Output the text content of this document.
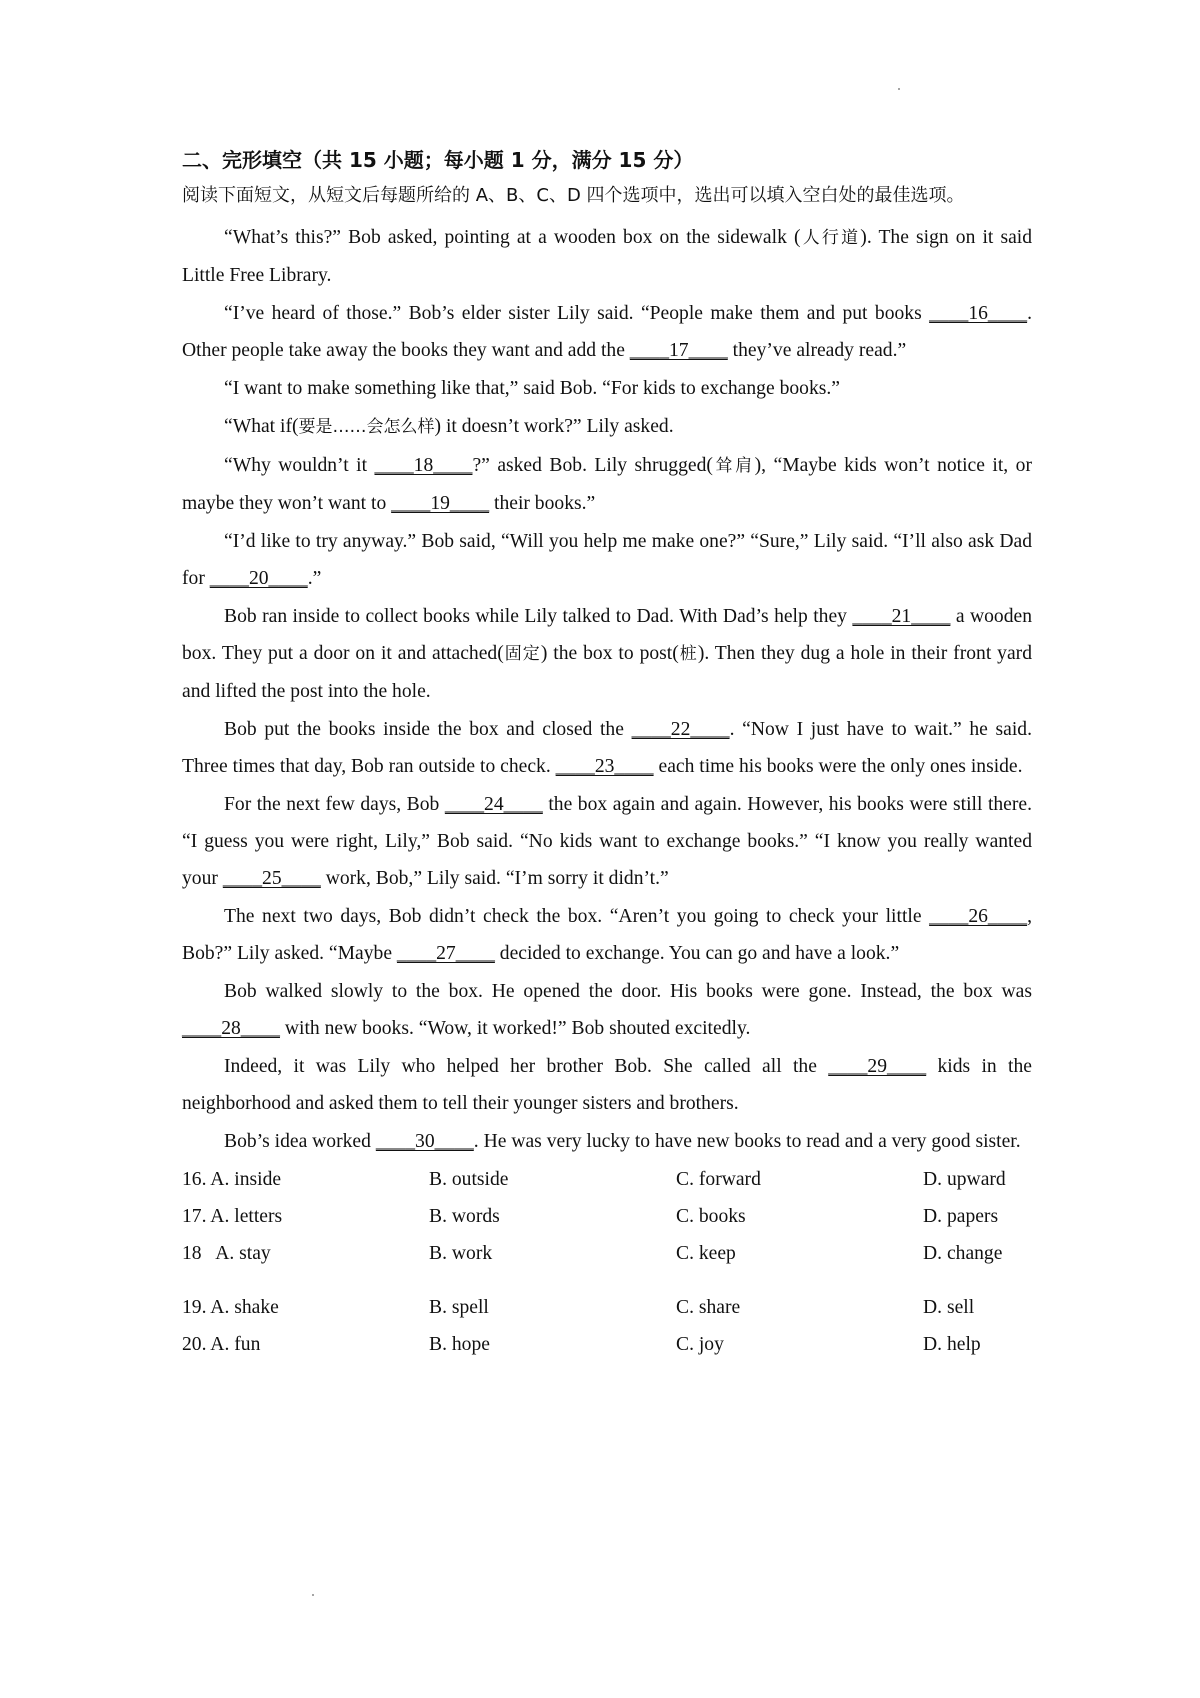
二、完形填空（共 15 小题；每小题 1 分，满分 15 分）
阅读下面短文，从短文后每题所给的 A、B、C、D 四个选项中，选出可以填入空白处的最佳选项。

“What’s this?” Bob asked, pointing at a wooden box on the sidewalk (人行道). The sign on it said Little Free Library.

“I’ve heard of those.” Bob’s elder sister Lily said. “People make them and put books ____16____. Other people take away the books they want and add the ____17____ they’ve already read.”

“I want to make something like that,” said Bob. “For kids to exchange books.”

“What if(要是……会怎么样) it doesn’t work?” Lily asked.

“Why wouldn’t it ____18____?” asked Bob. Lily shrugged(耸肩), “Maybe kids won’t notice it, or maybe they won’t want to ____19____ their books.”

“I’d like to try anyway.” Bob said, “Will you help me make one?” “Sure,” Lily said. “I’ll also ask Dad for ____20____.”

Bob ran inside to collect books while Lily talked to Dad. With Dad’s help they ____21____ a wooden box. They put a door on it and attached(固定) the box to post(桩). Then they dug a hole in their front yard and lifted the post into the hole.

Bob put the books inside the box and closed the ____22____. “Now I just have to wait.” he said. Three times that day, Bob ran outside to check. ____23____ each time his books were the only ones inside.

For the next few days, Bob ____24____ the box again and again. However, his books were still there. “I guess you were right, Lily,” Bob said. “No kids want to exchange books.” “I know you really wanted your ____25____ work, Bob,” Lily said. “I’m sorry it didn’t.”

The next two days, Bob didn’t check the box. “Aren’t you going to check your little ____26____, Bob?” Lily asked. “Maybe ____27____ decided to exchange. You can go and have a look.”

Bob walked slowly to the box. He opened the door. His books were gone. Instead, the box was ____28____ with new books. “Wow, it worked!” Bob shouted excitedly.

Indeed, it was Lily who helped her brother Bob. She called all the ____29____ kids in the neighborhood and asked them to tell their younger sisters and brothers.

Bob’s idea worked ____30____. He was very lucky to have new books to read and a very good sister.

16. A. inside	B. outside	C. forward	D. upward
17. A. letters	B. words	C. books	D. papers
18   A. stay	B. work	C. keep	D. change
19. A. shake	B. spell	C. share	D. sell
20. A. fun	B. hope	C. joy	D. help
